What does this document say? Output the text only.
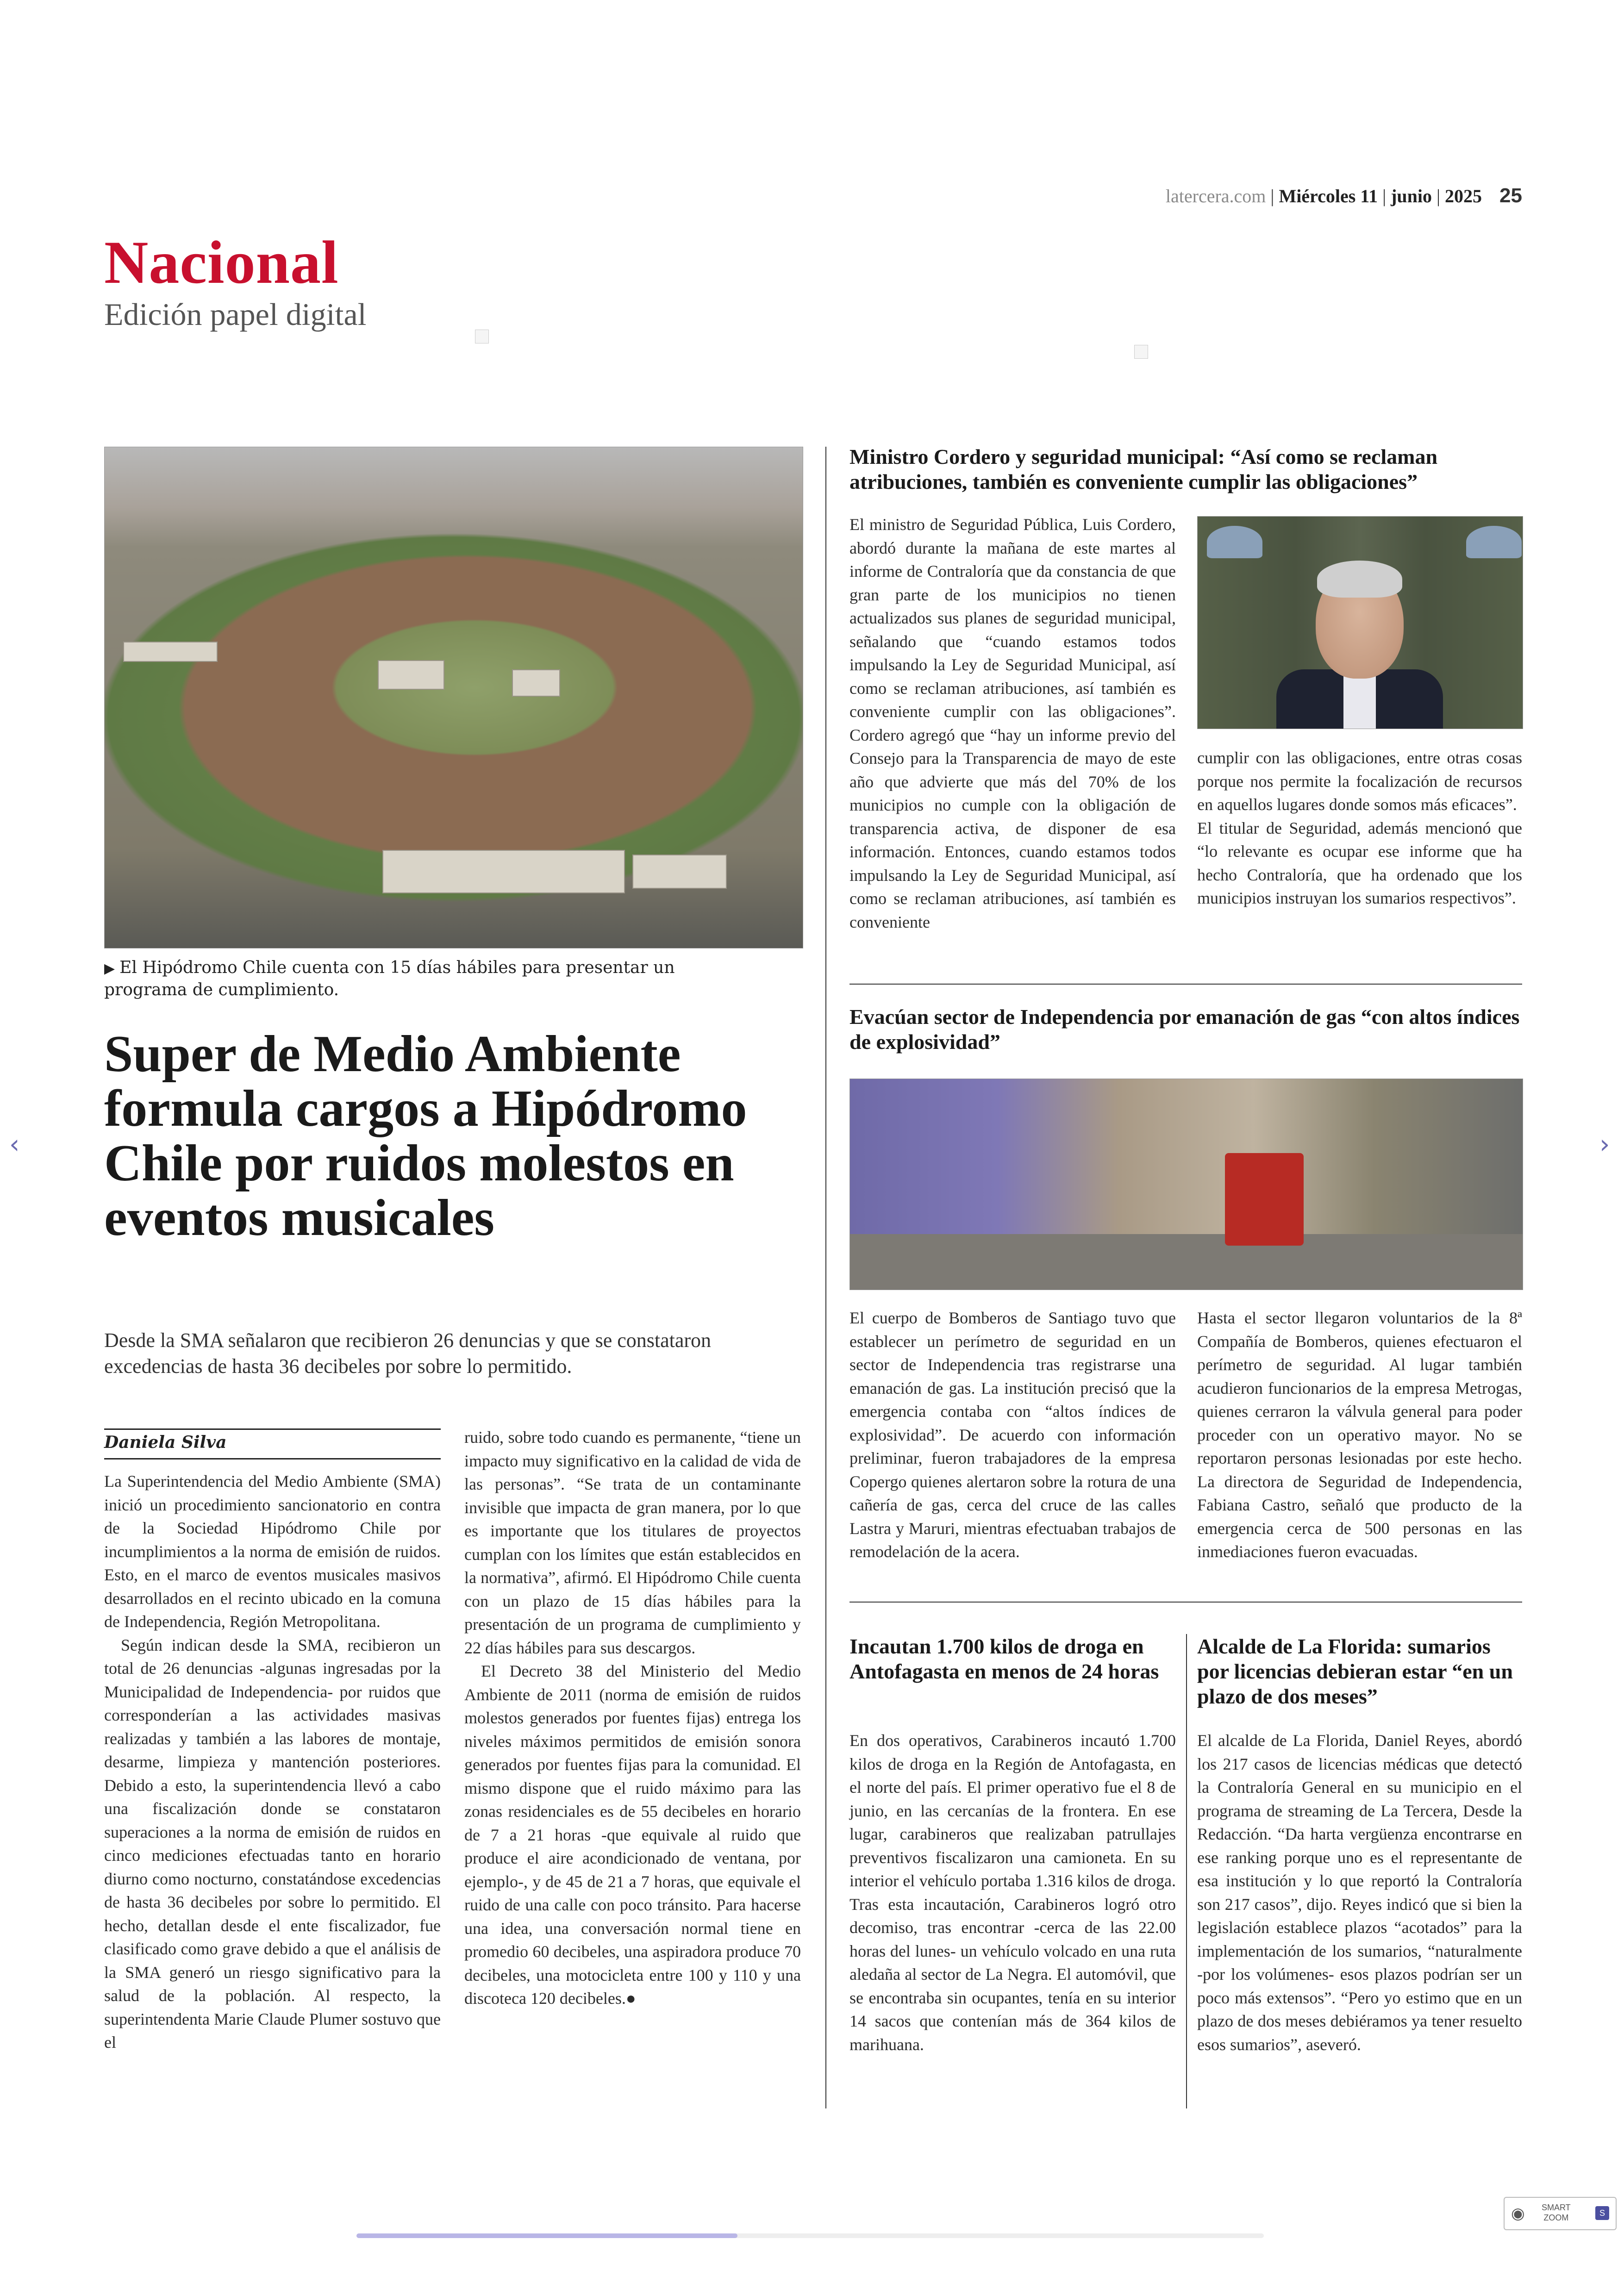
latercera.com | Miércoles 11 | junio | 2025 25
Nacional
Edición papel digital
▶ El Hipódromo Chile cuenta con 15 días hábiles para presentar un programa de cumplimiento.
Super de Medio Ambiente formula cargos a Hipódromo Chile por ruidos molestos en eventos musicales
Desde la SMA señalaron que recibieron 26 denuncias y que se constataron excedencias de hasta 36 decibeles por sobre lo permitido.
Daniela Silva

La Superintendencia del Medio Ambiente (SMA) inició un procedimiento sancionatorio en contra de la Sociedad Hipódromo Chile por incumplimientos a la norma de emisión de ruidos. Esto, en el marco de eventos musicales masivos desarrollados en el recinto ubicado en la comuna de Independencia, Región Metropolitana.

Según indican desde la SMA, recibieron un total de 26 denuncias -algunas ingresadas por la Municipalidad de Independencia- por ruidos que corresponderían a las actividades masivas realizadas y también a las labores de montaje, desarme, limpieza y mantención posteriores. Debido a esto, la superintendencia llevó a cabo una fiscalización donde se constataron superaciones a la norma de emisión de ruidos en cinco mediciones efectuadas tanto en horario diurno como nocturno, constatándose excedencias de hasta 36 decibeles por sobre lo permitido. El hecho, detallan desde el ente fiscalizador, fue clasificado como grave debido a que el análisis de la SMA generó un riesgo significativo para la salud de la población. Al respecto, la superintendenta Marie Claude Plumer sostuvo que el

ruido, sobre todo cuando es permanente, “tiene un impacto muy significativo en la calidad de vida de las personas”. “Se trata de un contaminante invisible que impacta de gran manera, por lo que es importante que los titulares de proyectos cumplan con los límites que están establecidos en la normativa”, afirmó. El Hipódromo Chile cuenta con un plazo de 15 días hábiles para la presentación de un programa de cumplimiento y 22 días hábiles para sus descargos.

El Decreto 38 del Ministerio del Medio Ambiente de 2011 (norma de emisión de ruidos molestos generados por fuentes fijas) entrega los niveles máximos permitidos de emisión sonora generados por fuentes fijas para la comunidad. El mismo dispone que el ruido máximo para las zonas residenciales es de 55 decibeles en horario de 7 a 21 horas -que equivale al ruido que produce el aire acondicionado de ventana, por ejemplo-, y de 45 de 21 a 7 horas, que equivale el ruido de una calle con poco tránsito. Para hacerse una idea, una conversación normal tiene en promedio 60 decibeles, una aspiradora produce 70 decibeles, una motocicleta entre 100 y 110 y una discoteca 120 decibeles.●

Ministro Cordero y seguridad municipal: “Así como se reclaman atribuciones, también es conveniente cumplir las obligaciones”

El ministro de Seguridad Pública, Luis Cordero, abordó durante la mañana de este martes al informe de Contraloría que da constancia de que gran parte de los municipios no tienen actualizados sus planes de seguridad municipal, señalando que “cuando estamos todos impulsando la Ley de Seguridad Municipal, así como se reclaman atribuciones, así también es conveniente cumplir con las obligaciones”. Cordero agregó que “hay un informe previo del Consejo para la Transparencia de mayo de este año que advierte que más del 70% de los municipios no cumple con la obligación de transparencia activa, de disponer de esa información. Entonces, cuando estamos todos impulsando la Ley de Seguridad Municipal, así como se reclaman atribuciones, así también es conveniente

cumplir con las obligaciones, entre otras cosas porque nos permite la focalización de recursos en aquellos lugares donde somos más eficaces”.

El titular de Seguridad, además mencionó que “lo relevante es ocupar ese informe que ha hecho Contraloría, que ha ordenado que los municipios instruyan los sumarios respectivos”.

Evacúan sector de Independencia por emanación de gas “con altos índices de explosividad”

El cuerpo de Bomberos de Santiago tuvo que establecer un perímetro de seguridad en un sector de Independencia tras registrarse una emanación de gas. La institución precisó que la emergencia contaba con “altos índices de explosividad”. De acuerdo con información preliminar, fueron trabajadores de la empresa Copergo quienes alertaron sobre la rotura de una cañería de gas, cerca del cruce de las calles Lastra y Maruri, mientras efectuaban trabajos de remodelación de la acera.

Hasta el sector llegaron voluntarios de la 8ª Compañía de Bomberos, quienes efectuaron el perímetro de seguridad. Al lugar también acudieron funcionarios de la empresa Metrogas, quienes cerraron la válvula general para poder proceder con un operativo mayor. No se reportaron personas lesionadas por este hecho. La directora de Seguridad de Independencia, Fabiana Castro, señaló que producto de la emergencia cerca de 500 personas en las inmediaciones fueron evacuadas.

Incautan 1.700 kilos de droga en Antofagasta en menos de 24 horas

En dos operativos, Carabineros incautó 1.700 kilos de droga en la Región de Antofagasta, en el norte del país. El primer operativo fue el 8 de junio, en las cercanías de la frontera. En ese lugar, carabineros que realizaban patrullajes preventivos fiscalizaron una camioneta. En su interior el vehículo portaba 1.316 kilos de droga. Tras esta incautación, Carabineros logró otro decomiso, tras encontrar -cerca de las 22.00 horas del lunes- un vehículo volcado en una ruta aledaña al sector de La Negra. El automóvil, que se encontraba sin ocupantes, tenía en su interior 14 sacos que contenían más de 364 kilos de marihuana.

Alcalde de La Florida: sumarios por licencias debieran estar “en un plazo de dos meses”

El alcalde de La Florida, Daniel Reyes, abordó los 217 casos de licencias médicas que detectó la Contraloría General en su municipio en el programa de streaming de La Tercera, Desde la Redacción. “Da harta vergüenza encontrarse en ese ranking porque uno es el representante de esa institución y lo que reportó la Contraloría son 217 casos”, dijo. Reyes indicó que si bien la legislación establece plazos “acotados” para la implementación de los sumarios, “naturalmente -por los volúmenes- esos plazos podrían ser un poco más extensos”. “Pero yo estimo que en un plazo de dos meses debiéramos ya tener resuelto esos sumarios”, aseveró.

‹	›
◉ SMART
ZOOM	S
